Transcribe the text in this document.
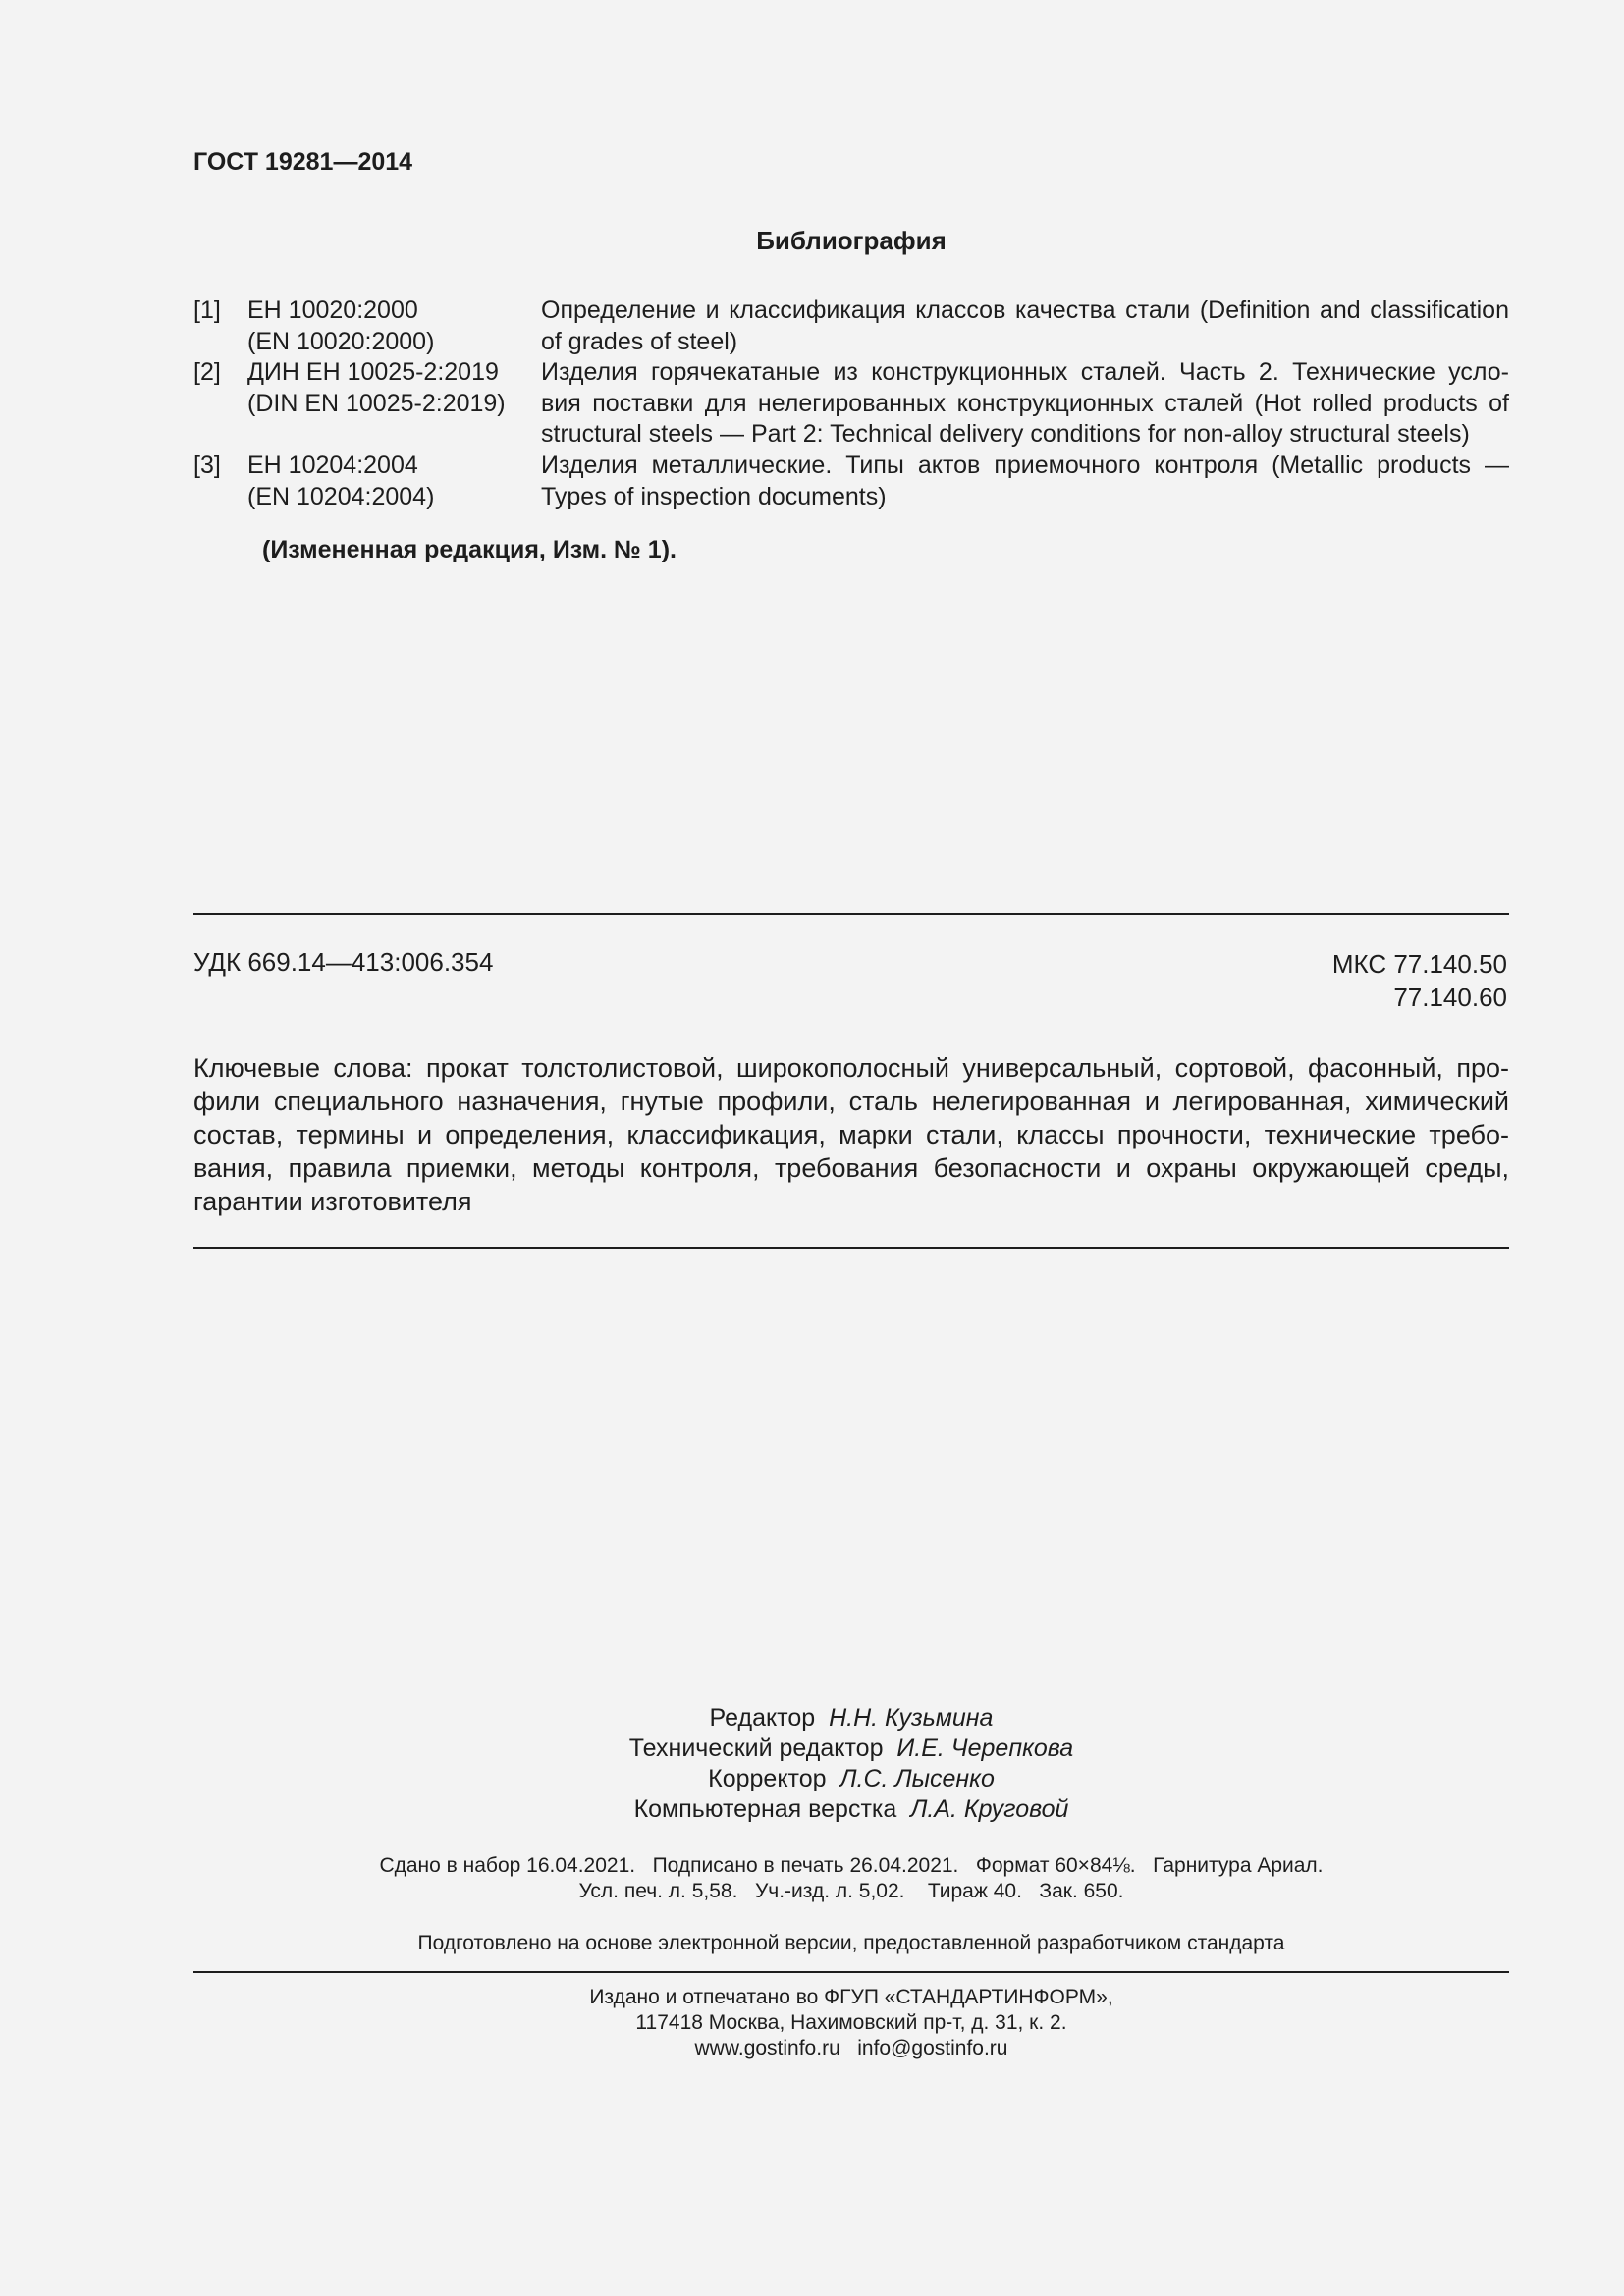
ГОСТ 19281—2014
Библиография
[1] ЕН 10020:2000
(EN 10020:2000)
Определение и классификация классов качества стали (Definition and classification
of grades of steel)
[2] ДИН ЕН 10025-2:2019
(DIN EN 10025-2:2019)
Изделия горячекатаные из конструкционных сталей. Часть 2. Технические усло-
вия поставки для нелегированных конструкционных сталей (Hot rolled products of
structural steels — Part 2: Technical delivery conditions for non-alloy structural steels)
[3] ЕН 10204:2004
(EN 10204:2004)
Изделия металлические. Типы актов приемочного контроля (Metallic products —
Types of inspection documents)
(Измененная редакция, Изм. № 1).
УДК 669.14—413:006.354	МКС 77.140.50
77.140.60
Ключевые слова: прокат толстолистовой, широкополосный универсальный, сортовой, фасонный, про-
фили специального назначения, гнутые профили, сталь нелегированная и легированная, химический
состав, термины и определения, классификация, марки стали, классы прочности, технические требо-
вания, правила приемки, методы контроля, требования безопасности и охраны окружающей среды,
гарантии изготовителя
Редактор Н.Н. Кузьмина
Технический редактор И.Е. Черепкова
Корректор Л.С. Лысенко
Компьютерная верстка Л.А. Круговой
Сдано в набор 16.04.2021.   Подписано в печать 26.04.2021.   Формат 60×84⅛.   Гарнитура Ариал.
Усл. печ. л. 5,58.   Уч.-изд. л. 5,02.    Тираж 40.   Зак. 650.
Подготовлено на основе электронной версии, предоставленной разработчиком стандарта
Издано и отпечатано во ФГУП «СТАНДАРТИНФОРМ»,
117418 Москва, Нахимовский пр-т, д. 31, к. 2.
www.gostinfo.ru   info@gostinfo.ru
